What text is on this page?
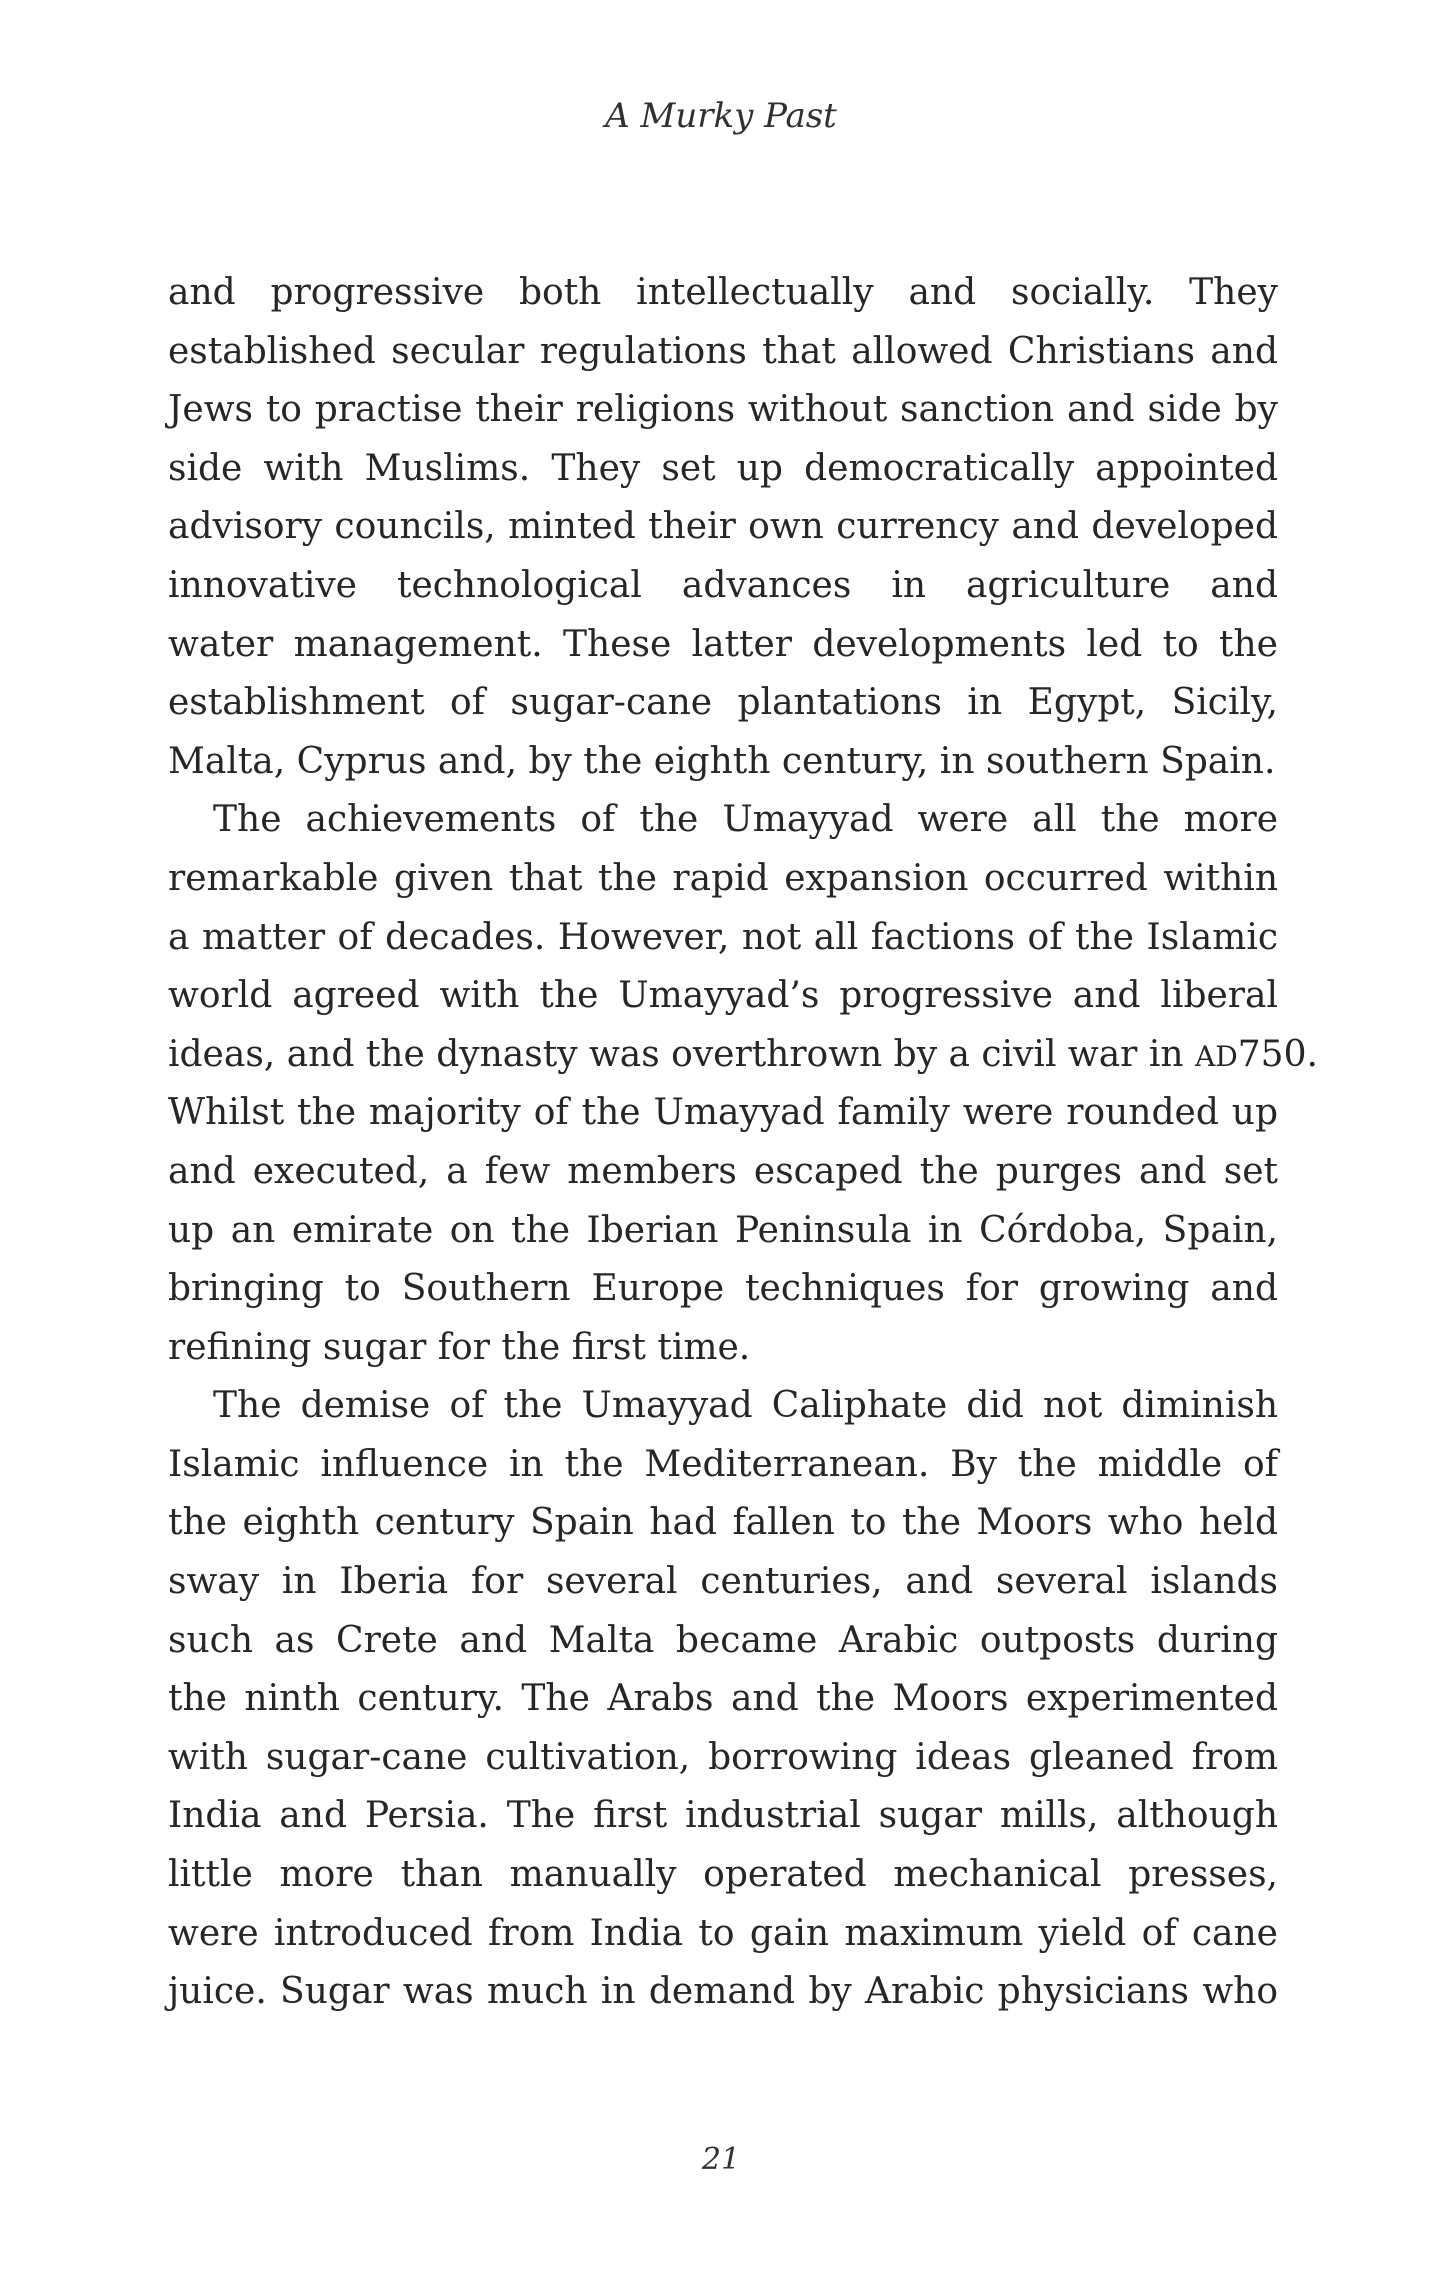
A Murky Past
and progressive both intellectually and socially. They
established secular regulations that allowed Christians and
Jews to practise their religions without sanction and side by
side with Muslims. They set up democratically appointed
advisory councils, minted their own currency and developed
innovative technological advances in agriculture and
water management. These latter developments led to the
establishment of sugar-cane plantations in Egypt, Sicily,
Malta, Cyprus and, by the eighth century, in southern Spain.
The achievements of the Umayyad were all the more
remarkable given that the rapid expansion occurred within
a matter of decades. However, not all factions of the Islamic
world agreed with the Umayyad’s progressive and liberal
ideas, and the dynasty was overthrown by a civil war in AD750.
Whilst the majority of the Umayyad family were rounded up
and executed, a few members escaped the purges and set
up an emirate on the Iberian Peninsula in Córdoba, Spain,
bringing to Southern Europe techniques for growing and
refining sugar for the first time.
The demise of the Umayyad Caliphate did not diminish
Islamic influence in the Mediterranean. By the middle of
the eighth century Spain had fallen to the Moors who held
sway in Iberia for several centuries, and several islands
such as Crete and Malta became Arabic outposts during
the ninth century. The Arabs and the Moors experimented
with sugar-cane cultivation, borrowing ideas gleaned from
India and Persia. The first industrial sugar mills, although
little more than manually operated mechanical presses,
were introduced from India to gain maximum yield of cane
juice. Sugar was much in demand by Arabic physicians who
21
